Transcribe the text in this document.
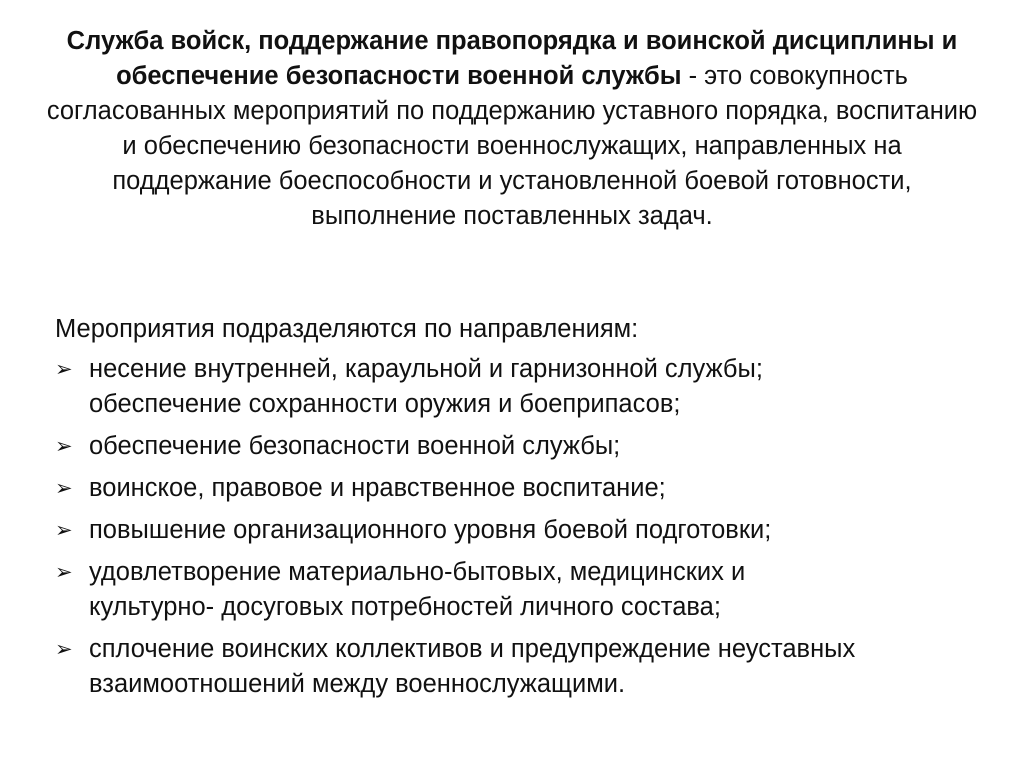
Служба войск, поддержание правопорядка и воинской дисциплины и обеспечение безопасности военной службы - это совокупность согласованных мероприятий по поддержанию уставного порядка, воспитанию и обеспечению безопасности военнослужащих, направленных на поддержание боеспособности и установленной боевой готовности, выполнение поставленных задач.
Мероприятия подразделяются по направлениям:
➢ несение внутренней, караульной и гарнизонной службы;
обеспечение сохранности оружия и боеприпасов;
➢ обеспечение безопасности военной службы;
➢ воинское, правовое и нравственное воспитание;
➢ повышение организационного уровня боевой подготовки;
➢ удовлетворение материально-бытовых, медицинских и
культурно- досуговых потребностей личного состава;
➢ сплочение воинских коллективов и предупреждение неуставных
взаимоотношений между военнослужащими.
